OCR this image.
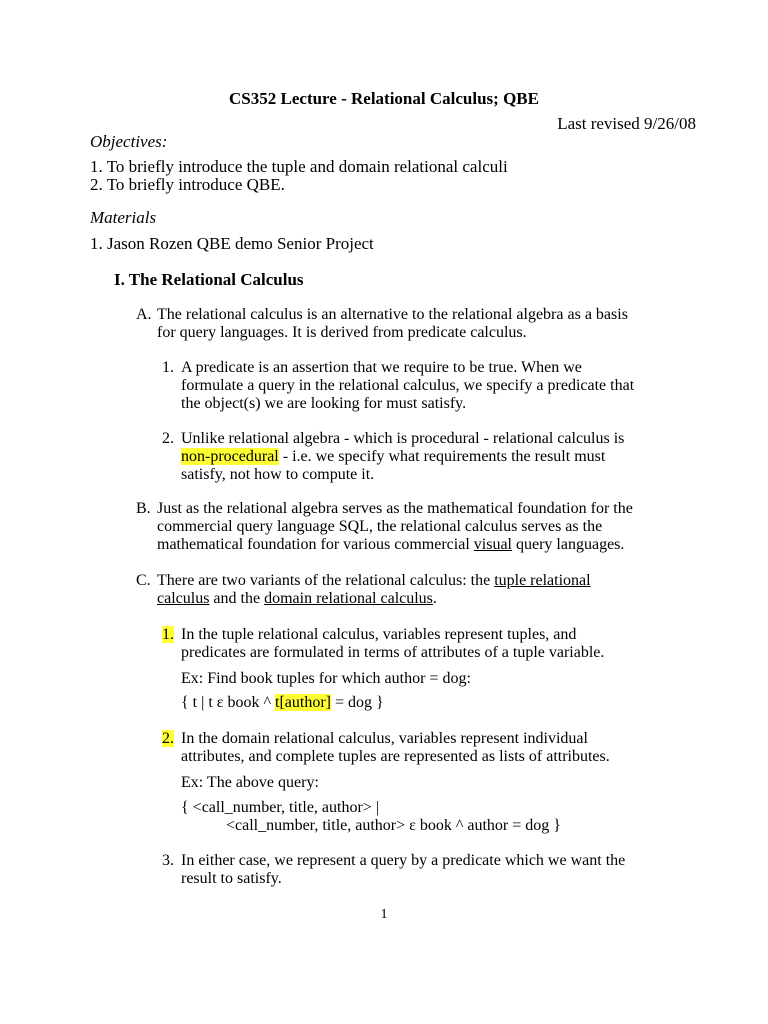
CS352 Lecture - Relational Calculus; QBE
Last revised 9/26/08
Objectives:
1. To briefly introduce the tuple and domain relational calculi
2. To briefly introduce QBE.
Materials
1. Jason Rozen QBE demo Senior Project
I. The Relational Calculus
A. The relational calculus is an alternative to the relational algebra as a basis
for query languages. It is derived from predicate calculus.
1. A predicate is an assertion that we require to be true. When we
formulate a query in the relational calculus, we specify a predicate that
the object(s) we are looking for must satisfy.
2. Unlike relational algebra - which is procedural - relational calculus is
non-procedural - i.e. we specify what requirements the result must
satisfy, not how to compute it.
B. Just as the relational algebra serves as the mathematical foundation for the
commercial query language SQL, the relational calculus serves as the
mathematical foundation for various commercial visual query languages.
C. There are two variants of the relational calculus: the tuple relational
calculus and the domain relational calculus.
1. In the tuple relational calculus, variables represent tuples, and
predicates are formulated in terms of attributes of a tuple variable.
Ex: Find book tuples for which author = dog:
{ t | t ε book ^ t[author] = dog }
2. In the domain relational calculus, variables represent individual
attributes, and complete tuples are represented as lists of attributes.
Ex: The above query:
{ <call_number, title, author> |
<call_number, title, author> ε book ^ author = dog }
3. In either case, we represent a query by a predicate which we want the
result to satisfy.
1
